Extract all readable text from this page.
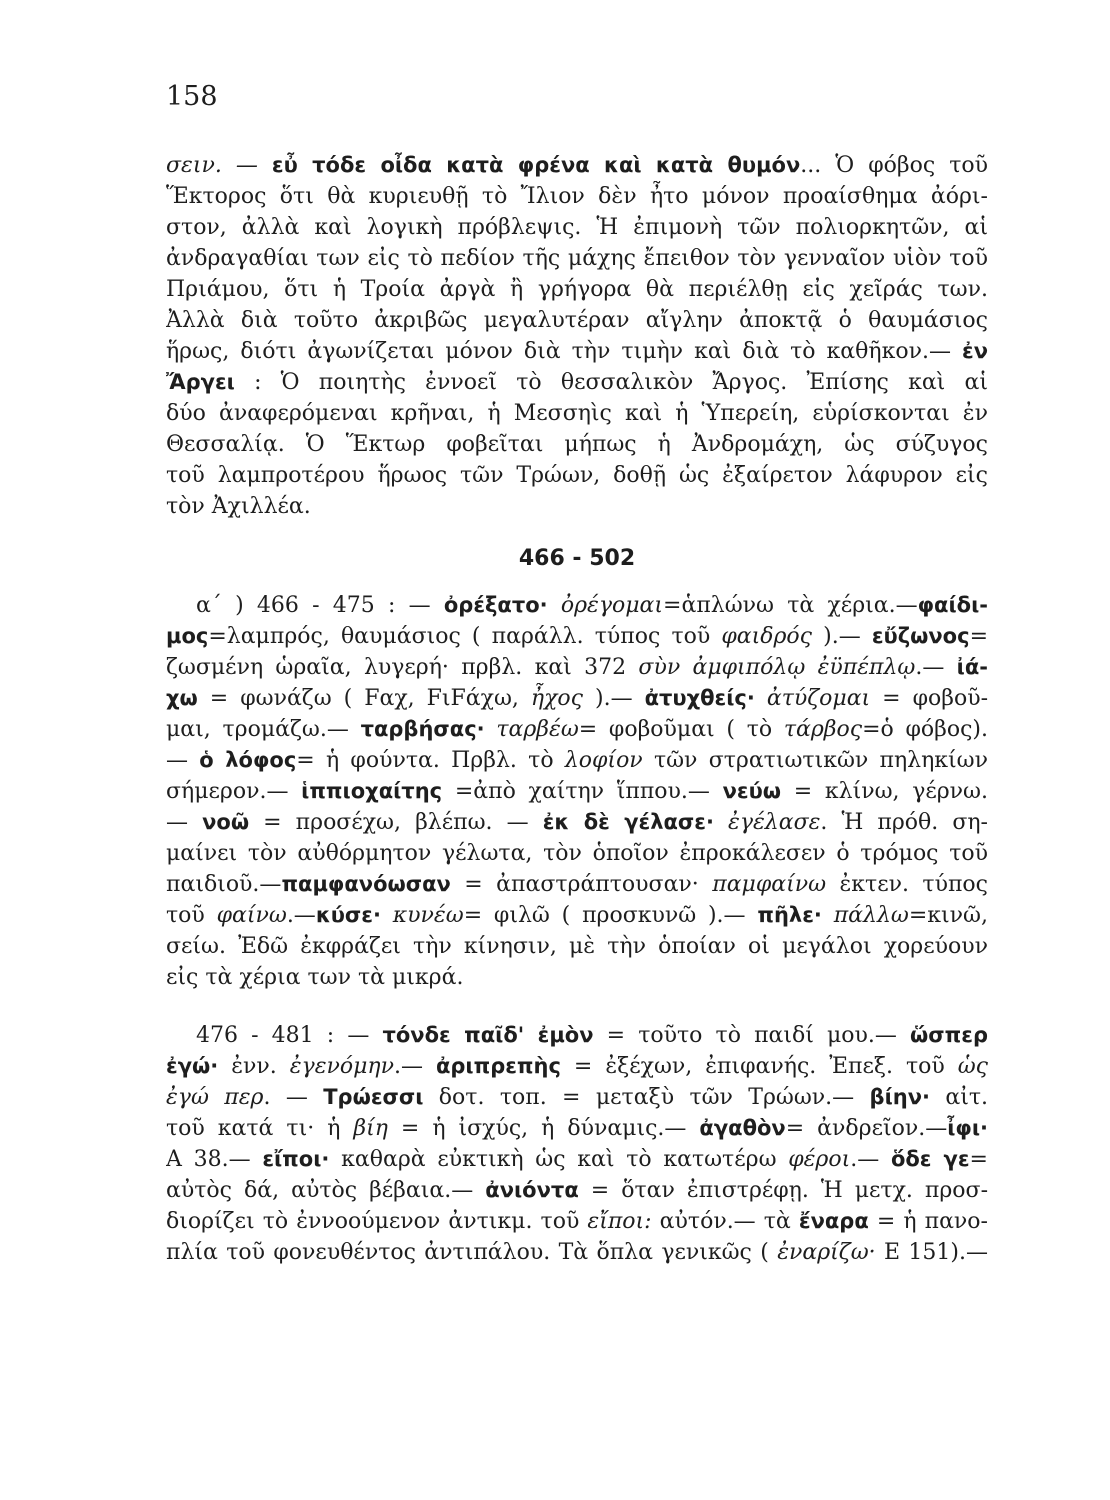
158
σειν. — εὖ τόδε οἶδα κατὰ φρένα καὶ κατὰ θυμόν... Ὁ φόβος τοῦ
Ἕκτορος ὅτι θὰ κυριευθῇ τὸ Ἴλιον δὲν ἦτο μόνον προαίσθημα ἀόρι-
στον, ἀλλὰ καὶ λογικὴ πρόβλεψις. Ἡ ἐπιμονὴ τῶν πολιορκητῶν, αἱ
ἀνδραγαθίαι των εἰς τὸ πεδίον τῆς μάχης ἔπειθον τὸν γενναῖον υἱὸν τοῦ
Πριάμου, ὅτι ἡ Τροία ἀργὰ ἢ γρήγορα θὰ περιέλθῃ εἰς χεῖράς των.
Ἀλλὰ διὰ τοῦτο ἀκριβῶς μεγαλυτέραν αἴγλην ἀποκτᾷ ὁ θαυμάσιος
ἥρως, διότι ἀγωνίζεται μόνον διὰ τὴν τιμὴν καὶ διὰ τὸ καθῆκον.— ἐν
Ἄργει : Ὁ ποιητὴς ἐννοεῖ τὸ θεσσαλικὸν Ἄργος. Ἐπίσης καὶ αἱ
δύο ἀναφερόμεναι κρῆναι, ἡ Μεσσηὶς καὶ ἡ Ὑπερείη, εὑρίσκονται ἐν
Θεσσαλίᾳ. Ὁ Ἕκτωρ φοβεῖται μήπως ἡ Ἀνδρομάχη, ὡς σύζυγος
τοῦ λαμπροτέρου ἥρωος τῶν Τρώων, δοθῇ ὡς ἐξαίρετον λάφυρον εἰς
τὸν Ἀχιλλέα.
466 - 502
α΄ ) 466 - 475 : — ὀρέξατο· ὀρέγομαι=ἁπλώνω τὰ χέρια.—φαίδι-
μος=λαμπρός, θαυμάσιος ( παράλλ. τύπος τοῦ φαιδρός ).— εὔζωνος=
ζωσμένη ὡραῖα, λυγερή· πρβλ. καὶ 372 σὺν ἀμφιπόλῳ ἐϋπέπλῳ.— ἰά-
χω = φωνάζω ( Fαχ, FιFάχω, ἦχος ).— ἀτυχθείς· ἀτύζομαι = φοβοῦ-
μαι, τρομάζω.— ταρβήσας· ταρβέω= φοβοῦμαι ( τὸ τάρβος=ὁ φόβος).
— ὁ λόφος= ἡ φούντα. Πρβλ. τὸ λοφίον τῶν στρατιωτικῶν πηληκίων
σήμερον.— ἱππιοχαίτης =ἀπὸ χαίτην ἵππου.— νεύω = κλίνω, γέρνω.
— νοῶ = προσέχω, βλέπω. — ἐκ δὲ γέλασε· ἐγέλασε. Ἡ πρόθ. ση-
μαίνει τὸν αὐθόρμητον γέλωτα, τὸν ὁποῖον ἐπροκάλεσεν ὁ τρόμος τοῦ
παιδιοῦ.—παμφανόωσαν = ἀπαστράπτουσαν· παμφαίνω ἐκτεν. τύπος
τοῦ φαίνω.—κύσε· κυνέω= φιλῶ ( προσκυνῶ ).— πῆλε· πάλλω=κινῶ,
σείω. Ἐδῶ ἐκφράζει τὴν κίνησιν, μὲ τὴν ὁποίαν οἱ μεγάλοι χορεύουν
εἰς τὰ χέρια των τὰ μικρά.
476 - 481 : — τόνδε παῖδ' ἐμὸν = τοῦτο τὸ παιδί μου.— ὥσπερ
ἐγώ· ἐνν. ἐγενόμην.— ἀριπρεπὴς = ἐξέχων, ἐπιφανής. Ἐπεξ. τοῦ ὡς
ἐγώ περ. — Τρώεσσι δοτ. τοπ. = μεταξὺ τῶν Τρώων.— βίην· αἰτ.
τοῦ κατά τι· ἡ βίη = ἡ ἰσχύς, ἡ δύναμις.— ἀγαθὸν= ἀνδρεῖον.—ἶφι·
Α 38.— εἴποι· καθαρὰ εὐκτικὴ ὡς καὶ τὸ κατωτέρω φέροι.— ὅδε γε=
αὐτὸς δά, αὐτὸς βέβαια.— ἀνιόντα = ὅταν ἐπιστρέφῃ. Ἡ μετχ. προσ-
διορίζει τὸ ἐννοούμενον ἀντικμ. τοῦ εἴποι: αὐτόν.— τὰ ἔναρα = ἡ πανο-
πλία τοῦ φονευθέντος ἀντιπάλου. Τὰ ὅπλα γενικῶς ( ἐναρίζω· Ε 151).—
